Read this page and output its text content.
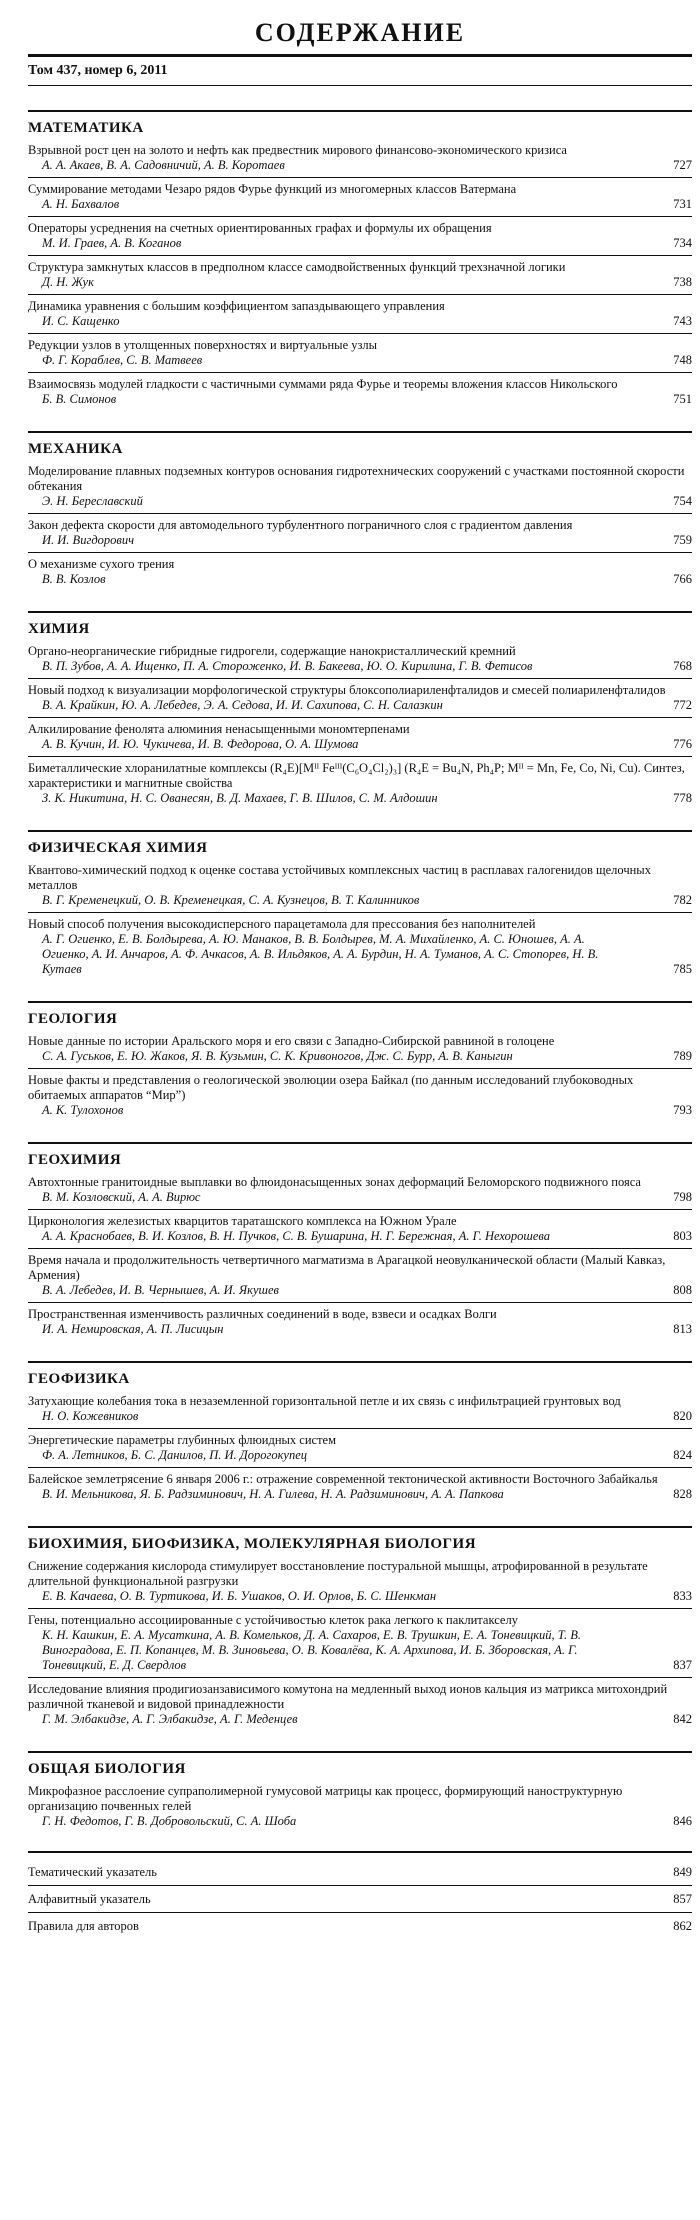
СОДЕРЖАНИЕ
Том 437, номер 6, 2011
МАТЕМАТИКА
Взрывной рост цен на золото и нефть как предвестник мирового финансово-экономического кризиса
А. А. Акаев, В. А. Садовничий, А. В. Коротаев	727
Суммирование методами Чезаро рядов Фурье функций из многомерных классов Ватермана
А. Н. Бахвалов	731
Операторы усреднения на счетных ориентированных графах и формулы их обращения
М. И. Граев, А. В. Коганов	734
Структура замкнутых классов в предполном классе самодвойственных функций трехзначной логики
Д. Н. Жук	738
Динамика уравнения с большим коэффициентом запаздывающего управления
И. С. Кащенко	743
Редукции узлов в утолщенных поверхностях и виртуальные узлы
Ф. Г. Кораблев, С. В. Матвеев	748
Взаимосвязь модулей гладкости с частичными суммами ряда Фурье и теоремы вложения классов Никольского
Б. В. Симонов	751
МЕХАНИКА
Моделирование плавных подземных контуров основания гидротехнических сооружений с участками постоянной скорости обтекания
Э. Н. Береславский	754
Закон дефекта скорости для автомодельного турбулентного пограничного слоя с градиентом давления
И. И. Вигдорович	759
О механизме сухого трения
В. В. Козлов	766
ХИМИЯ
Органо-неорганические гибридные гидрогели, содержащие нанокристаллический кремний
В. П. Зубов, А. А. Ищенко, П. А. Стороженко, И. В. Бакеева, Ю. О. Кирилина, Г. В. Фетисов	768
Новый подход к визуализации морфологической структуры блоксополиариленфталидов и смесей полиариленфталидов
В. А. Крайкин, Ю. А. Лебедев, Э. А. Седова, И. И. Сахипова, С. Н. Салазкин	772
Алкилирование фенолята алюминия ненасыщенными мономтерпенами
А. В. Кучин, И. Ю. Чукичева, И. В. Федорова, О. А. Шумова	776
Биметаллические хлоранилатные комплексы (R₄E)[Mᴵᴵ Feᴵᴵᴵ(C₆O₄Cl₂)₃] (R₄E = Bu₄N, Ph₄P; Mᴵᴵ = Mn, Fe, Co, Ni, Cu). Синтез, характеристики и магнитные свойства
З. К. Никитина, Н. С. Ованесян, В. Д. Махаев, Г. В. Шилов, С. М. Алдошин	778
ФИЗИЧЕСКАЯ ХИМИЯ
Квантово-химический подход к оценке состава устойчивых комплексных частиц в расплавах галогенидов щелочных металлов
В. Г. Кременецкий, О. В. Кременецкая, С. А. Кузнецов, В. Т. Калинников	782
Новый способ получения высокодисперсного парацетамола для прессования без наполнителей
А. Г. Огиенко, Е. В. Болдырева, А. Ю. Манаков, В. В. Болдырев, М. А. Михайленко, А. С. Юношев, А. А. Огиенко, А. И. Анчаров, А. Ф. Ачкасов, А. В. Ильдяков, А. А. Бурдин, Н. А. Туманов, А. С. Стопорев, Н. В. Кутаев	785
ГЕОЛОГИЯ
Новые данные по истории Аральского моря и его связи с Западно-Сибирской равниной в голоцене
С. А. Гуськов, Е. Ю. Жаков, Я. В. Кузьмин, С. К. Кривоногов, Дж. С. Бурр, А. В. Каныгин	789
Новые факты и представления о геологической эволюции озера Байкал (по данным исследований глубоководных обитаемых аппаратов “Мир”)
А. К. Тулохонов	793
ГЕОХИМИЯ
Автохтонные гранитоидные выплавки во флюидонасыщенных зонах деформаций Беломорского подвижного пояса
В. М. Козловский, А. А. Вирюс	798
Цирконология железистых кварцитов тараташского комплекса на Южном Урале
А. А. Краснобаев, В. И. Козлов, В. Н. Пучков, С. В. Бушарина, Н. Г. Бережная, А. Г. Нехорошева	803
Время начала и продолжительность четвертичного магматизма в Арагацкой неовулканической области (Малый Кавказ, Армения)
В. А. Лебедев, И. В. Чернышев, А. И. Якушев	808
Пространственная изменчивость различных соединений в воде, взвеси и осадках Волги
И. А. Немировская, А. П. Лисицын	813
ГЕОФИЗИКА
Затухающие колебания тока в незаземленной горизонтальной петле и их связь с инфильтрацией грунтовых вод
Н. О. Кожевников	820
Энергетические параметры глубинных флюидных систем
Ф. А. Летников, Б. С. Данилов, П. И. Дорогокупец	824
Балейское землетрясение 6 января 2006 г.: отражение современной тектонической активности Восточного Забайкалья
В. И. Мельникова, Я. Б. Радзиминович, Н. А. Гилева, Н. А. Радзиминович, А. А. Папкова	828
БИОХИМИЯ, БИОФИЗИКА, МОЛЕКУЛЯРНАЯ БИОЛОГИЯ
Снижение содержания кислорода стимулирует восстановление постуральной мышцы, атрофированной в результате длительной функциональной разгрузки
Е. В. Качаева, О. В. Туртикова, И. Б. Ушаков, О. И. Орлов, Б. С. Шенкман	833
Гены, потенциально ассоциированные с устойчивостью клеток рака легкого к паклитакселу
К. Н. Кашкин, Е. А. Мусаткина, А. В. Комельков, Д. А. Сахаров, Е. В. Трушкин, Е. А. Тоневицкий, Т. В. Виноградова, Е. П. Копанцев, М. В. Зиновьева, О. В. Ковалёва, К. А. Архипова, И. Б. Зборовская, А. Г. Тоневицкий, Е. Д. Свердлов	837
Исследование влияния продигиозанзависимого комутона на медленный выход ионов кальция из матрикса митохондрий различной тканевой и видовой принадлежности
Г. М. Элбакидзе, А. Г. Элбакидзе, А. Г. Меденцев	842
ОБЩАЯ БИОЛОГИЯ
Микрофазное расслоение супраполимерной гумусовой матрицы как процесс, формирующий наноструктурную организацию почвенных гелей
Г. Н. Федотов, Г. В. Добровольский, С. А. Шоба	846
Тематический указатель	849
Алфавитный указатель	857
Правила для авторов	862
